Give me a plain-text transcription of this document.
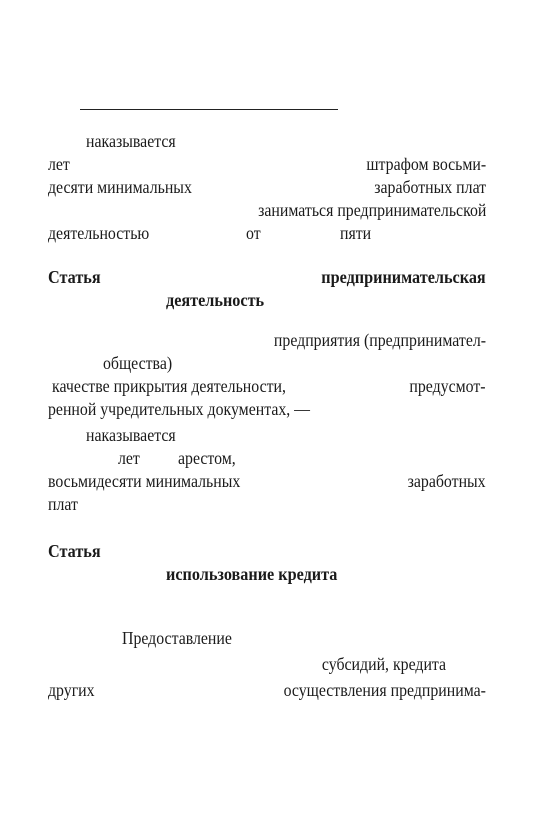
наказывается
лет	штрафом восьми-
десяти минимальных	заработных плат
заниматься предпринимательской
деятельностью	от	пяти
Статья	предпринимательская
деятельность
предприятия (предпринимател-
общества)
качестве прикрытия деятельности,	предусмот-
ренной учредительных документах, —
наказывается
лет арестом,
восьмидесяти минимальных	заработных
плат
Статья
использование кредита
Предоставление
субсидий, кредита
других	осуществления предпринима-
